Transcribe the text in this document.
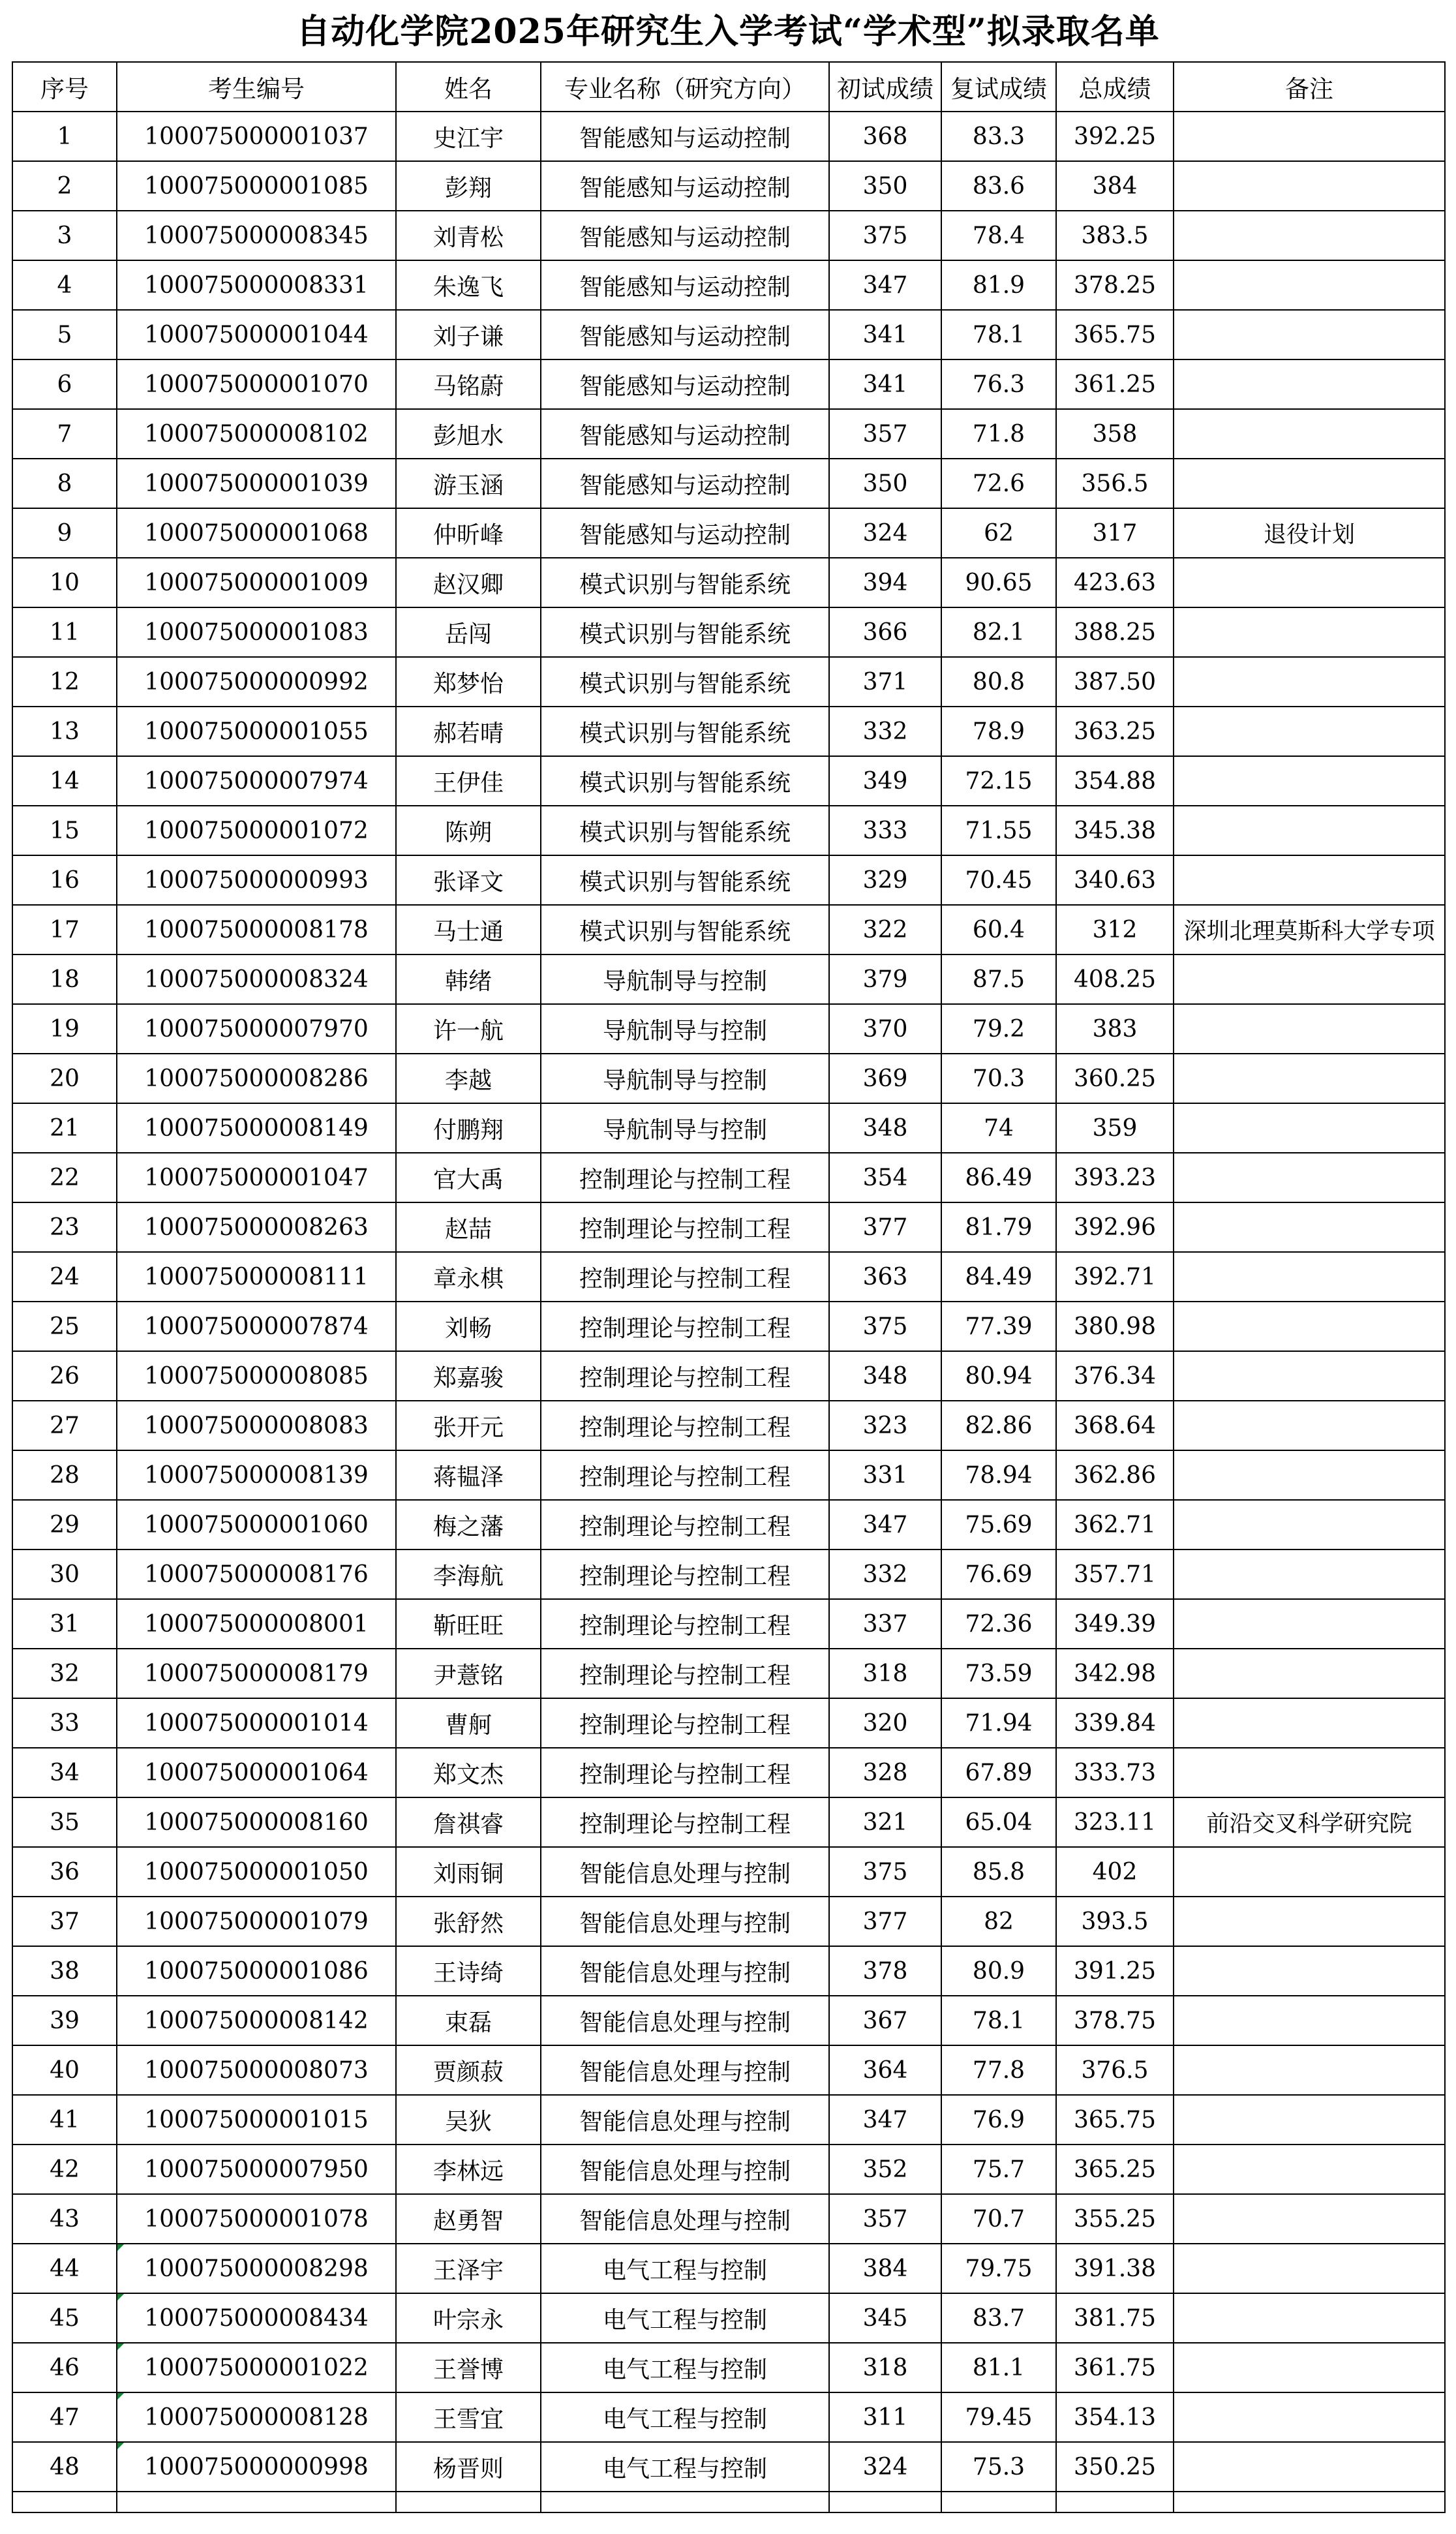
自动化学院2025年研究生入学考试“学术型”拟录取名单
序号	考生编号	姓名	专业名称（研究方向）	初试成绩	复试成绩	总成绩	备注
1	100075000001037	史江宇	智能感知与运动控制	368	83.3	392.25	
2	100075000001085	彭翔	智能感知与运动控制	350	83.6	384	
3	100075000008345	刘青松	智能感知与运动控制	375	78.4	383.5	
4	100075000008331	朱逸飞	智能感知与运动控制	347	81.9	378.25	
5	100075000001044	刘子谦	智能感知与运动控制	341	78.1	365.75	
6	100075000001070	马铭蔚	智能感知与运动控制	341	76.3	361.25	
7	100075000008102	彭旭水	智能感知与运动控制	357	71.8	358	
8	100075000001039	游玉涵	智能感知与运动控制	350	72.6	356.5	
9	100075000001068	仲昕峰	智能感知与运动控制	324	62	317	退役计划
10	100075000001009	赵汉卿	模式识别与智能系统	394	90.65	423.63	
11	100075000001083	岳闯	模式识别与智能系统	366	82.1	388.25	
12	100075000000992	郑梦怡	模式识别与智能系统	371	80.8	387.50	
13	100075000001055	郝若晴	模式识别与智能系统	332	78.9	363.25	
14	100075000007974	王伊佳	模式识别与智能系统	349	72.15	354.88	
15	100075000001072	陈朔	模式识别与智能系统	333	71.55	345.38	
16	100075000000993	张译文	模式识别与智能系统	329	70.45	340.63	
17	100075000008178	马士通	模式识别与智能系统	322	60.4	312	深圳北理莫斯科大学专项
18	100075000008324	韩绪	导航制导与控制	379	87.5	408.25	
19	100075000007970	许一航	导航制导与控制	370	79.2	383	
20	100075000008286	李越	导航制导与控制	369	70.3	360.25	
21	100075000008149	付鹏翔	导航制导与控制	348	74	359	
22	100075000001047	官大禹	控制理论与控制工程	354	86.49	393.23	
23	100075000008263	赵喆	控制理论与控制工程	377	81.79	392.96	
24	100075000008111	章永棋	控制理论与控制工程	363	84.49	392.71	
25	100075000007874	刘畅	控制理论与控制工程	375	77.39	380.98	
26	100075000008085	郑嘉骏	控制理论与控制工程	348	80.94	376.34	
27	100075000008083	张开元	控制理论与控制工程	323	82.86	368.64	
28	100075000008139	蒋韫泽	控制理论与控制工程	331	78.94	362.86	
29	100075000001060	梅之藩	控制理论与控制工程	347	75.69	362.71	
30	100075000008176	李海航	控制理论与控制工程	332	76.69	357.71	
31	100075000008001	靳旺旺	控制理论与控制工程	337	72.36	349.39	
32	100075000008179	尹薏铭	控制理论与控制工程	318	73.59	342.98	
33	100075000001014	曹舸	控制理论与控制工程	320	71.94	339.84	
34	100075000001064	郑文杰	控制理论与控制工程	328	67.89	333.73	
35	100075000008160	詹祺睿	控制理论与控制工程	321	65.04	323.11	前沿交叉科学研究院
36	100075000001050	刘雨铜	智能信息处理与控制	375	85.8	402	
37	100075000001079	张舒然	智能信息处理与控制	377	82	393.5	
38	100075000001086	王诗绮	智能信息处理与控制	378	80.9	391.25	
39	100075000008142	束磊	智能信息处理与控制	367	78.1	378.75	
40	100075000008073	贾颜菽	智能信息处理与控制	364	77.8	376.5	
41	100075000001015	吴狄	智能信息处理与控制	347	76.9	365.75	
42	100075000007950	李林远	智能信息处理与控制	352	75.7	365.25	
43	100075000001078	赵勇智	智能信息处理与控制	357	70.7	355.25	
44	100075000008298	王泽宇	电气工程与控制	384	79.75	391.38	
45	100075000008434	叶宗永	电气工程与控制	345	83.7	381.75	
46	100075000001022	王誉博	电气工程与控制	318	81.1	361.75	
47	100075000008128	王雪宜	电气工程与控制	311	79.45	354.13	
48	100075000000998	杨晋则	电气工程与控制	324	75.3	350.25	
